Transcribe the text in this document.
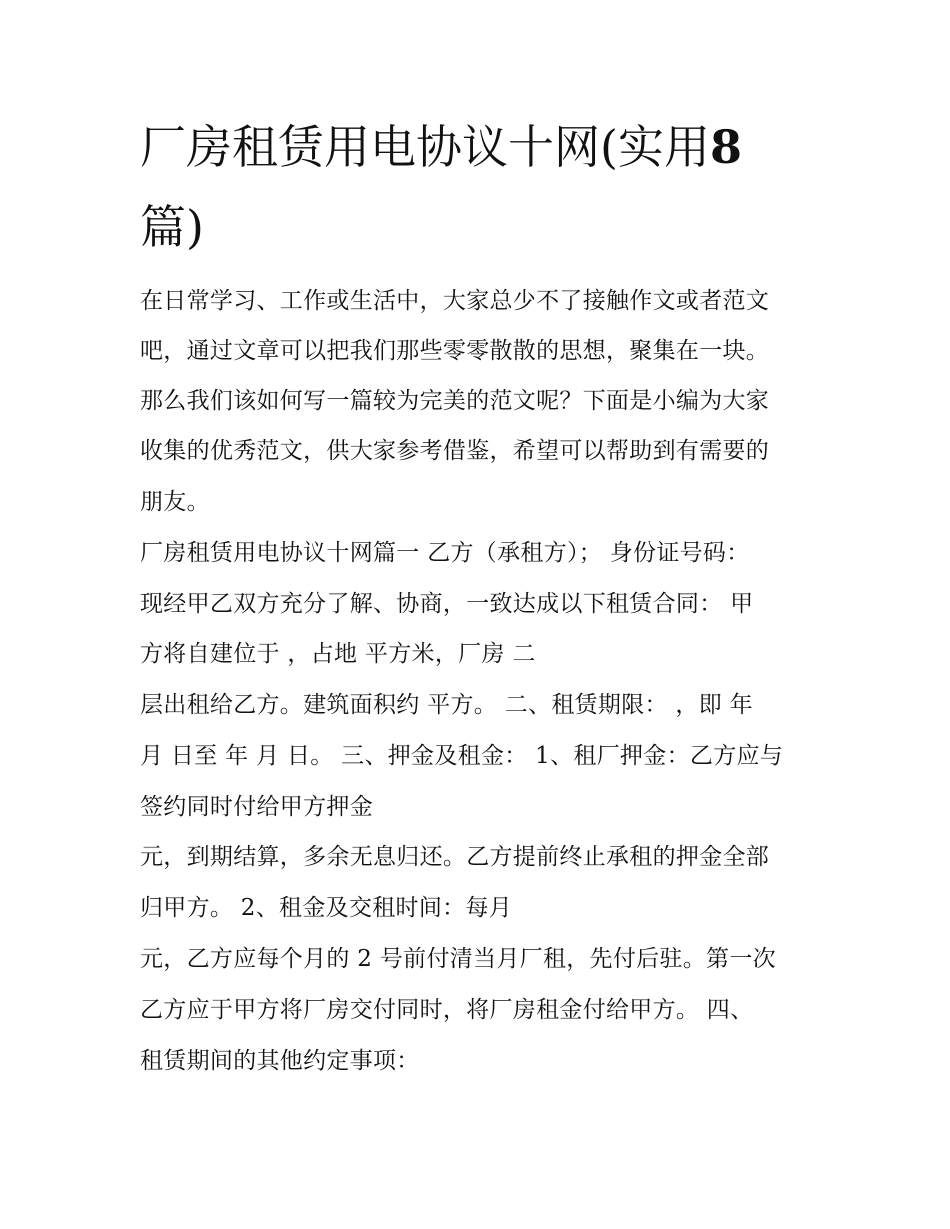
厂房租赁用电协议十网(实用8
篇)

在日常学习、工作或生活中，大家总少不了接触作文或者范文

吧，通过文章可以把我们那些零零散散的思想，聚集在一块。

那么我们该如何写一篇较为完美的范文呢？下面是小编为大家

收集的优秀范文，供大家参考借鉴，希望可以帮助到有需要的

朋友。

厂房租赁用电协议十网篇一 乙方（承租方）； 身份证号码：

现经甲乙双方充分了解、协商，一致达成以下租赁合同： 甲

方将自建位于 ，占地 平方米，厂房 二

层出租给乙方。建筑面积约 平方。 二、租赁期限： ，即 年

月 日至 年 月 日。 三、押金及租金： 1、租厂押金：乙方应与

签约同时付给甲方押金

元，到期结算，多余无息归还。乙方提前终止承租的押金全部

归甲方。 2、租金及交租时间：每月

元，乙方应每个月的 2 号前付清当月厂租，先付后驻。第一次

乙方应于甲方将厂房交付同时，将厂房租金付给甲方。 四、

租赁期间的其他约定事项：
